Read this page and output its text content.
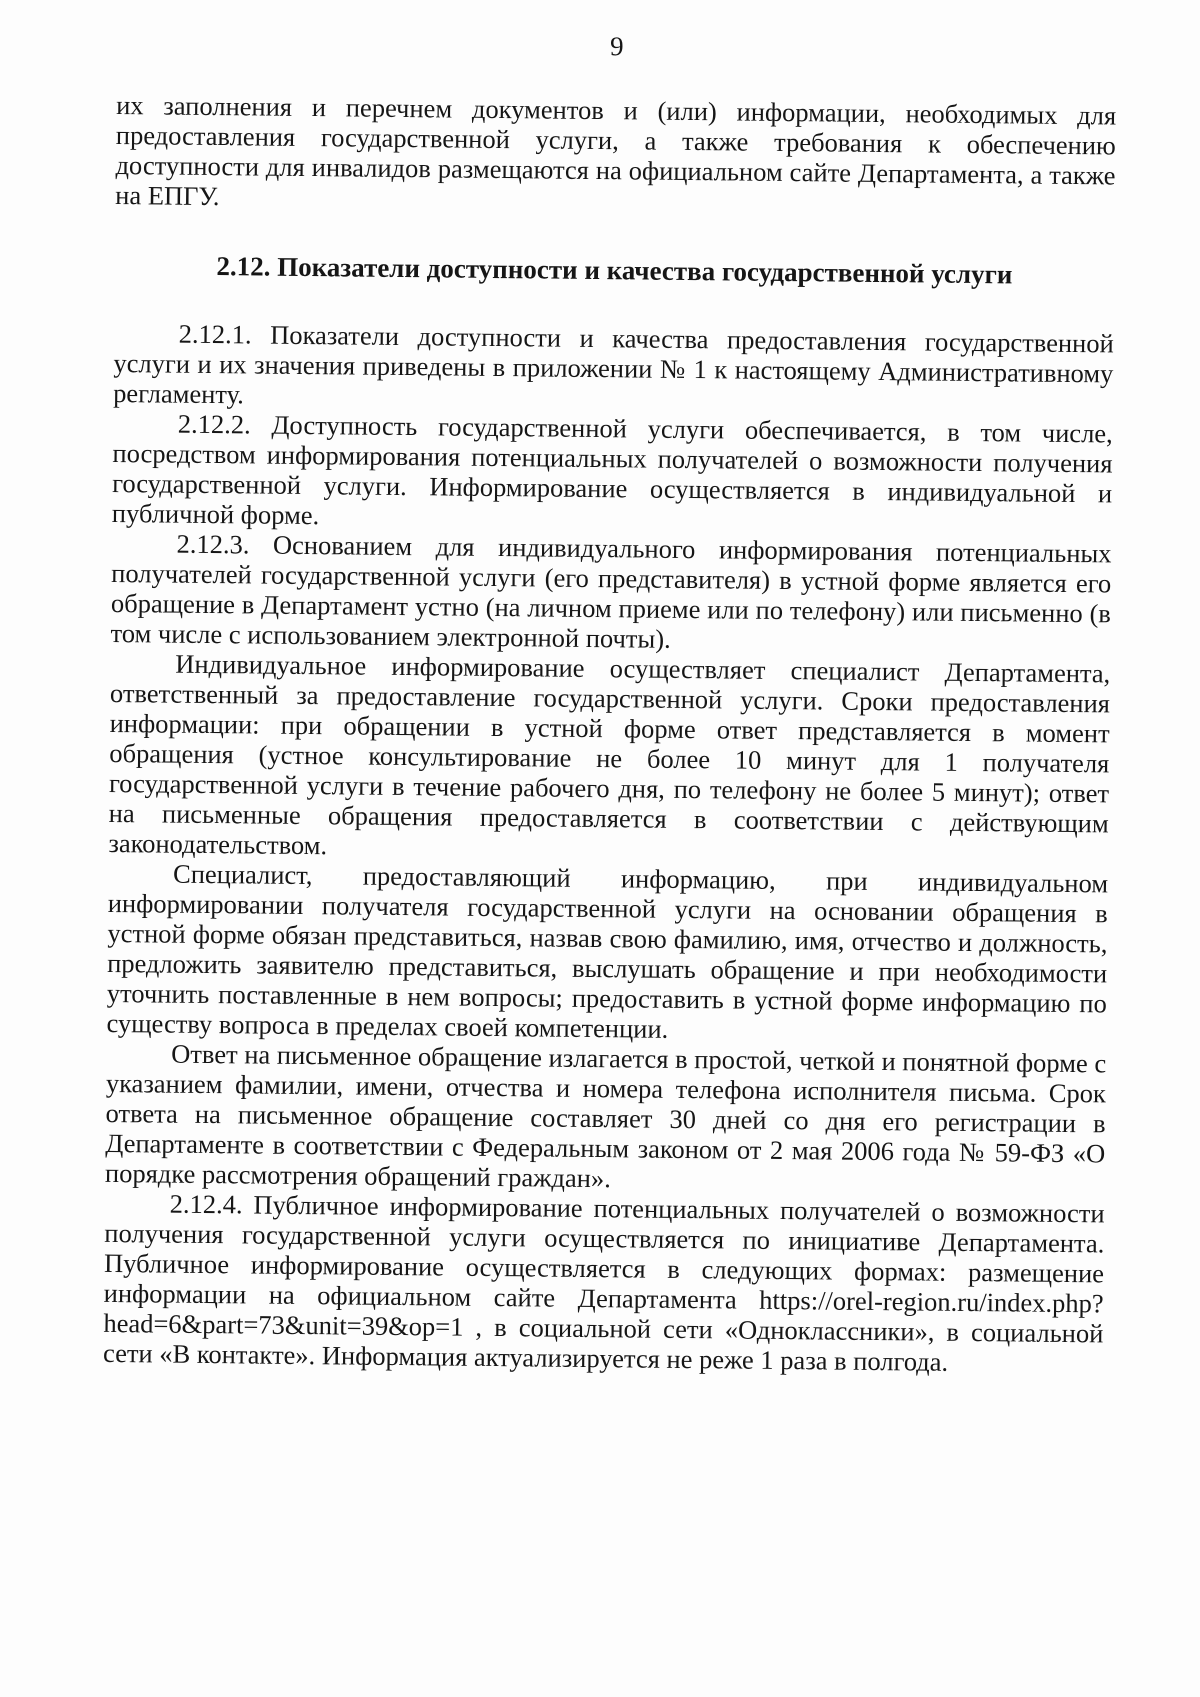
9

их заполнения и перечнем документов и (или) информации, необходимых для предоставления государственной услуги, а также требования к обеспечению доступности для инвалидов размещаются на официальном сайте Департамента, а также на ЕПГУ.

2.12. Показатели доступности и качества государственной услуги

2.12.1. Показатели доступности и качества предоставления государственной услуги и их значения приведены в приложении № 1 к настоящему Административному регламенту.

2.12.2. Доступность государственной услуги обеспечивается, в том числе, посредством информирования потенциальных получателей о возможности получения государственной услуги. Информирование осуществляется в индивидуальной и публичной форме.

2.12.3. Основанием для индивидуального информирования потенциальных получателей государственной услуги (его представителя) в устной форме является его обращение в Департамент устно (на личном приеме или по телефону) или письменно (в том числе с использованием электронной почты).

Индивидуальное информирование осуществляет специалист Департамента, ответственный за предоставление государственной услуги. Сроки предоставления информации: при обращении в устной форме ответ представляется в момент обращения (устное консультирование не более 10 минут для 1 получателя государственной услуги в течение рабочего дня, по телефону не более 5 минут); ответ на письменные обращения предоставляется в соответствии с действующим законодательством.

Специалист, предоставляющий информацию, при индивидуальном информировании получателя государственной услуги на основании обращения в устной форме обязан представиться, назвав свою фамилию, имя, отчество и должность, предложить заявителю представиться, выслушать обращение и при необходимости уточнить поставленные в нем вопросы; предоставить в устной форме информацию по существу вопроса в пределах своей компетенции.

Ответ на письменное обращение излагается в простой, четкой и понятной форме с указанием фамилии, имени, отчества и номера телефона исполнителя письма. Срок ответа на письменное обращение составляет 30 дней со дня его регистрации в Департаменте в соответствии с Федеральным законом от 2 мая 2006 года № 59-ФЗ «О порядке рассмотрения обращений граждан».

2.12.4. Публичное информирование потенциальных получателей о возможности получения государственной услуги осуществляется по инициативе Департамента. Публичное информирование осуществляется в следующих формах: размещение информации на официальном сайте Департамента https://orel-region.ru/index.php?head=6&part=73&unit=39&op=1 , в социальной сети «Одноклассники», в социальной сети «В контакте». Информация актуализируется не реже 1 раза в полгода.
